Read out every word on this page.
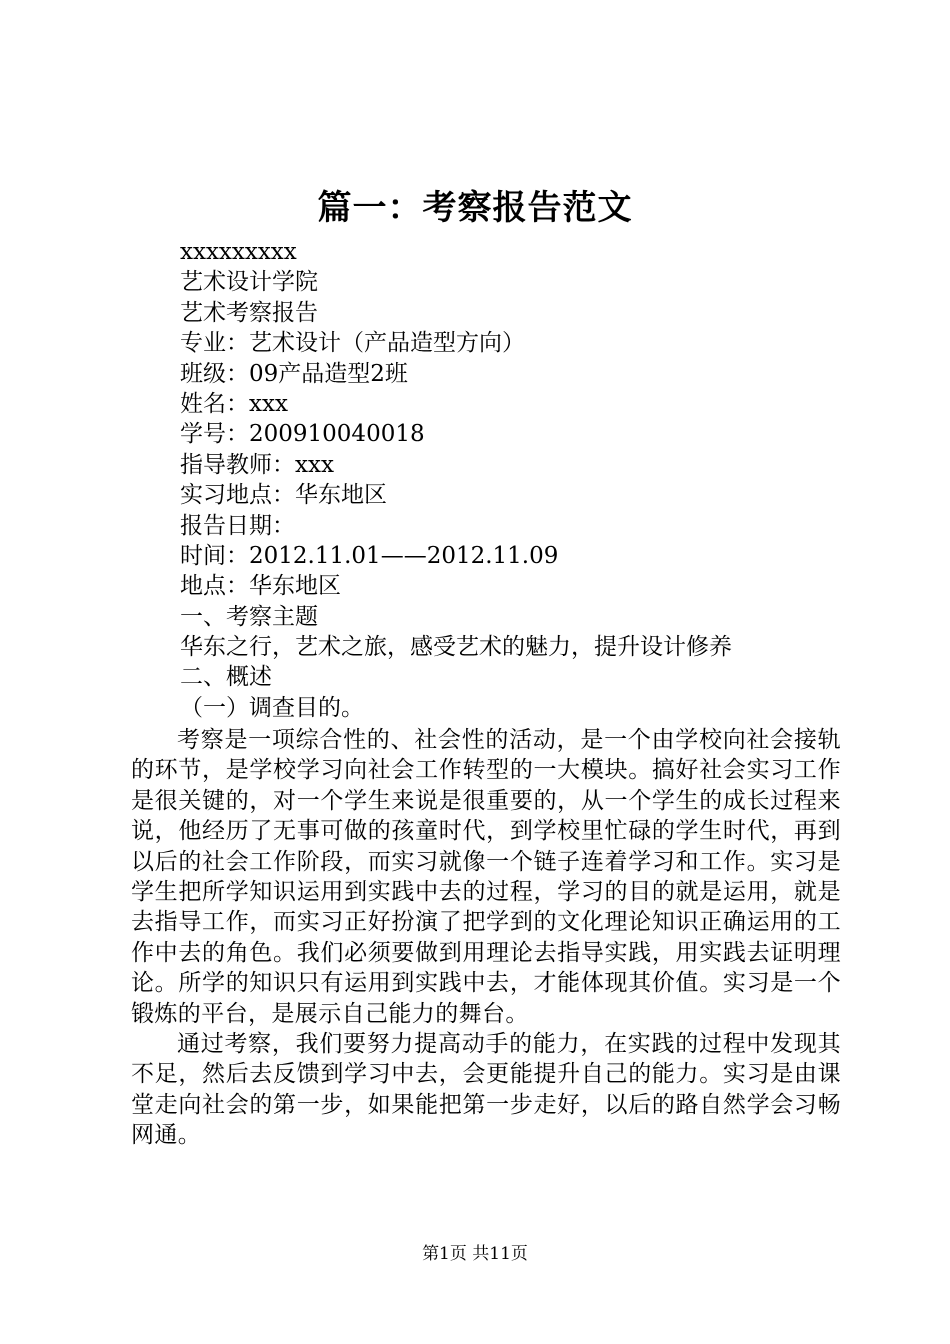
篇一：考察报告范文
xxxxxxxxx
艺术设计学院
艺术考察报告
专业：艺术设计（产品造型方向）
班级：09产品造型2班
姓名：xxx
学号：200910040018
指导教师：xxx
实习地点：华东地区
报告日期：
时间：2012.11.01——2012.11.09
地点：华东地区
一、考察主题
华东之行，艺术之旅，感受艺术的魅力，提升设计修养
二、概述
（一）调查目的。

考察是一项综合性的、社会性的活动，是一个由学校向社会接轨的环节，是学校学习向社会工作转型的一大模块。搞好社会实习工作是很关键的，对一个学生来说是很重要的，从一个学生的成长过程来说，他经历了无事可做的孩童时代，到学校里忙碌的学生时代，再到以后的社会工作阶段，而实习就像一个链子连着学习和工作。实习是学生把所学知识运用到实践中去的过程，学习的目的就是运用，就是去指导工作，而实习正好扮演了把学到的文化理论知识正确运用的工作中去的角色。我们必须要做到用理论去指导实践，用实践去证明理论。所学的知识只有运用到实践中去，才能体现其价值。实习是一个锻炼的平台，是展示自己能力的舞台。

通过考察，我们要努力提高动手的能力，在实践的过程中发现其不足，然后去反馈到学习中去，会更能提升自己的能力。实习是由课堂走向社会的第一步，如果能把第一步走好，以后的路自然学会习畅网通。

第1页 共11页
